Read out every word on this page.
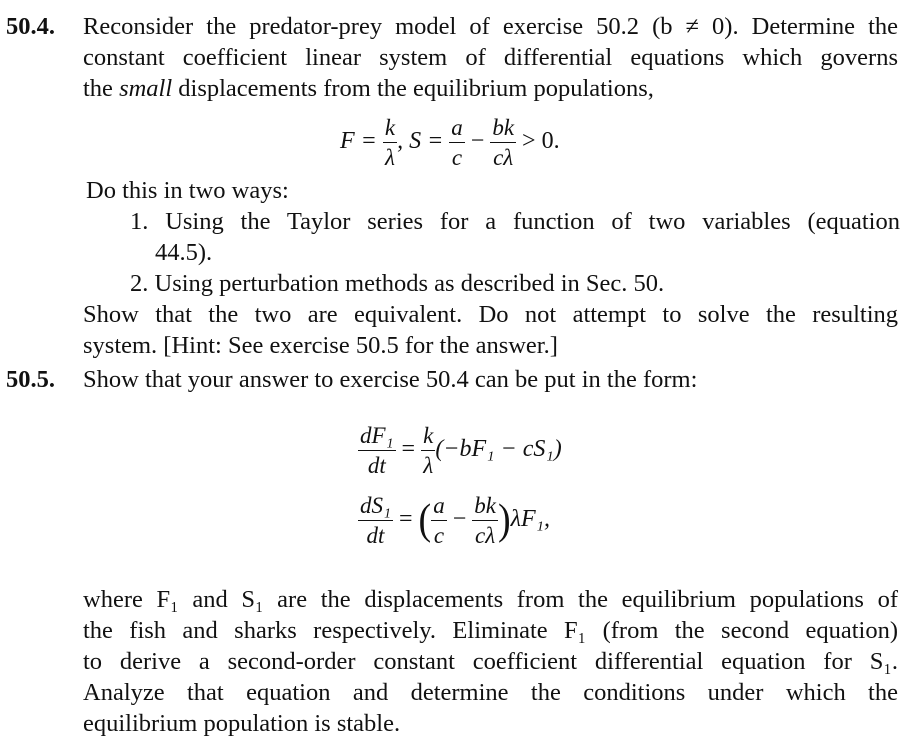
50.4. Reconsider the predator-prey model of exercise 50.2 (b ≠ 0). Determine the
constant coefficient linear system of differential equations which governs
the small displacements from the equilibrium populations,
$F = \frac{k}{\lambda}$ , $S = \frac{a}{c} - \frac{bk}{c\lambda} > 0$.
Do this in two ways:
1. Using the Taylor series for a function of two variables (equation
44.5).
2. Using perturbation methods as described in Sec. 50.
Show that the two are equivalent. Do not attempt to solve the resulting
system. [Hint: See exercise 50.5 for the answer.]
50.5. Show that your answer to exercise 50.4 can be put in the form:
$\frac{\text{dF₁}}{dt} = \frac{k}{\lambda} (-bF_1 - cS_1)$
$\frac{\text{dS₁}}{dt}$ = ( $\frac{a}{c} - \frac{bk}{c\lambda} )\lambda F_1$,
where F₁ and S₁ are the displacements from the equilibrium populations of
the fish and sharks respectively. Eliminate F₁ (from the second equation)
to derive a second-order constant coefficient differential equation for S₁.
Analyze that equation and determine the conditions under which the
equilibrium population is stable.
